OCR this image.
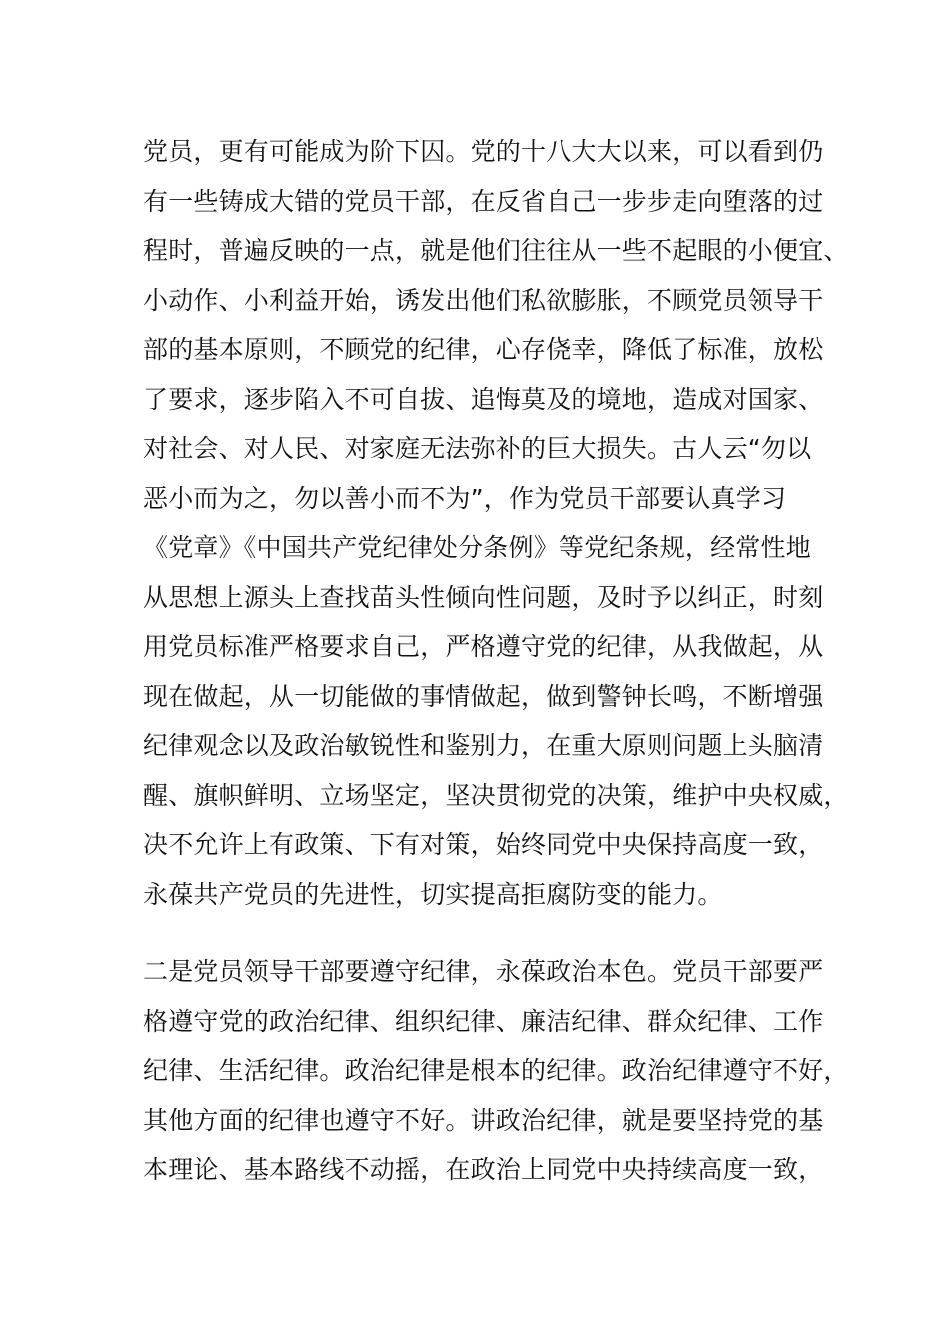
党员，更有可能成为阶下囚。党的十八大大以来，可以看到仍
有一些铸成大错的党员干部，在反省自己一步步走向堕落的过
程时，普遍反映的一点，就是他们往往从一些不起眼的小便宜、
小动作、小利益开始，诱发出他们私欲膨胀，不顾党员领导干
部的基本原则，不顾党的纪律，心存侥幸，降低了标准，放松
了要求，逐步陷入不可自拔、追悔莫及的境地，造成对国家、
对社会、对人民、对家庭无法弥补的巨大损失。古人云“勿以
恶小而为之，勿以善小而不为”，作为党员干部要认真学习
《党章》《中国共产党纪律处分条例》等党纪条规，经常性地
从思想上源头上查找苗头性倾向性问题，及时予以纠正，时刻
用党员标准严格要求自己，严格遵守党的纪律，从我做起，从
现在做起，从一切能做的事情做起，做到警钟长鸣，不断增强
纪律观念以及政治敏锐性和鉴别力，在重大原则问题上头脑清
醒、旗帜鲜明、立场坚定，坚决贯彻党的决策，维护中央权威，
决不允许上有政策、下有对策，始终同党中央保持高度一致，
永葆共产党员的先进性，切实提高拒腐防变的能力。
二是党员领导干部要遵守纪律，永葆政治本色。党员干部要严
格遵守党的政治纪律、组织纪律、廉洁纪律、群众纪律、工作
纪律、生活纪律。政治纪律是根本的纪律。政治纪律遵守不好，
其他方面的纪律也遵守不好。讲政治纪律，就是要坚持党的基
本理论、基本路线不动摇，在政治上同党中央持续高度一致，
